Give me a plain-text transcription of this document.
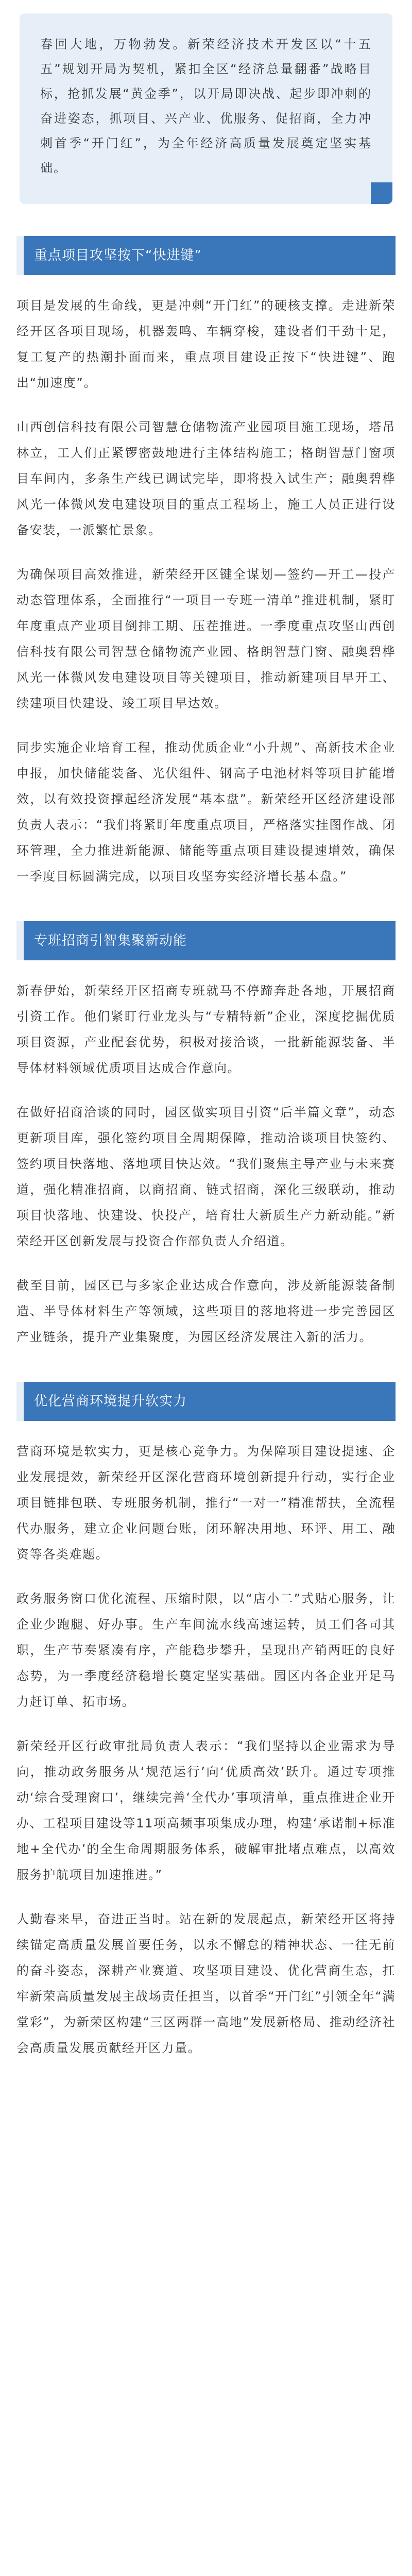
春回大地，万物勃发。新荣经济技术开发区以“十五五”规划开局为契机，紧扣全区“经济总量翻番”战略目标，抢抓发展“黄金季”，以开局即决战、起步即冲刺的奋进姿态，抓项目、兴产业、优服务、促招商，全力冲刺首季“开门红”，为全年经济高质量发展奠定坚实基础。

重点项目攻坚按下“快进键”

项目是发展的生命线，更是冲刺“开门红”的硬核支撑。走进新荣经开区各项目现场，机器轰鸣、车辆穿梭，建设者们干劲十足，复工复产的热潮扑面而来，重点项目建设正按下“快进键”、跑出“加速度”。

山西创信科技有限公司智慧仓储物流产业园项目施工现场，塔吊林立，工人们正紧锣密鼓地进行主体结构施工；格朗智慧门窗项目车间内，多条生产线已调试完毕，即将投入试生产；融奥碧桦风光一体微风发电建设项目的重点工程场上，施工人员正进行设备安装，一派繁忙景象。

为确保项目高效推进，新荣经开区键全谋划—签约—开工—投产动态管理体系，全面推行“一项目一专班一清单”推进机制，紧盯年度重点产业项目倒排工期、压茬推进。一季度重点攻坚山西创信科技有限公司智慧仓储物流产业园、格朗智慧门窗、融奥碧桦风光一体微风发电建设项目等关键项目，推动新建项目早开工、续建项目快建设、竣工项目早达效。

同步实施企业培育工程，推动优质企业“小升规”、高新技术企业申报，加快储能装备、光伏组件、钢高子电池材料等项目扩能增效，以有效投资撑起经济发展“基本盘”。新荣经开区经济建设部负责人表示：“我们将紧盯年度重点项目，严格落实挂图作战、闭环管理，全力推进新能源、储能等重点项目建设提速增效，确保一季度目标圆满完成，以项目攻坚夯实经济增长基本盘。”

专班招商引智集聚新动能

新春伊始，新荣经开区招商专班就马不停蹄奔赴各地，开展招商引资工作。他们紧盯行业龙头与“专精特新”企业，深度挖掘优质项目资源，产业配套优势，积极对接洽谈，一批新能源装备、半导体材料领域优质项目达成合作意向。

在做好招商洽谈的同时，园区做实项目引资“后半篇文章”，动态更新项目库，强化签约项目全周期保障，推动洽谈项目快签约、签约项目快落地、落地项目快达效。“我们聚焦主导产业与未来赛道，强化精准招商，以商招商、链式招商，深化三级联动，推动项目快落地、快建设、快投产，培育壮大新质生产力新动能。”新荣经开区创新发展与投资合作部负责人介绍道。

截至目前，园区已与多家企业达成合作意向，涉及新能源装备制造、半导体材料生产等领域，这些项目的落地将进一步完善园区产业链条，提升产业集聚度，为园区经济发展注入新的活力。

优化营商环境提升软实力

营商环境是软实力，更是核心竞争力。为保障项目建设提速、企业发展提效，新荣经开区深化营商环境创新提升行动，实行企业项目链排包联、专班服务机制，推行“一对一”精准帮扶，全流程代办服务，建立企业问题台账，闭环解决用地、环评、用工、融资等各类难题。

政务服务窗口优化流程、压缩时限，以“店小二”式贴心服务，让企业少跑腿、好办事。生产车间流水线高速运转，员工们各司其职，生产节奏紧凑有序，产能稳步攀升，呈现出产销两旺的良好态势，为一季度经济稳增长奠定坚实基础。园区内各企业开足马力赶订单、拓市场。

新荣经开区行政审批局负责人表示：“我们坚持以企业需求为导向，推动政务服务从‘规范运行’向‘优质高效’跃升。通过专项推动‘综合受理窗口’，继续完善‘全代办’事项清单，重点推进企业开办、工程项目建设等11项高频事项集成办理，构建‘承诺制+标准地+全代办’的全生命周期服务体系，破解审批堵点难点，以高效服务护航项目加速推进。”

人勤春来早，奋进正当时。站在新的发展起点，新荣经开区将持续锚定高质量发展首要任务，以永不懈怠的精神状态、一往无前的奋斗姿态，深耕产业赛道、攻坚项目建设、优化营商生态，扛牢新荣高质量发展主战场责任担当，以首季“开门红”引领全年“满堂彩”，为新荣区构建“三区两群一高地”发展新格局、推动经济社会高质量发展贡献经开区力量。
